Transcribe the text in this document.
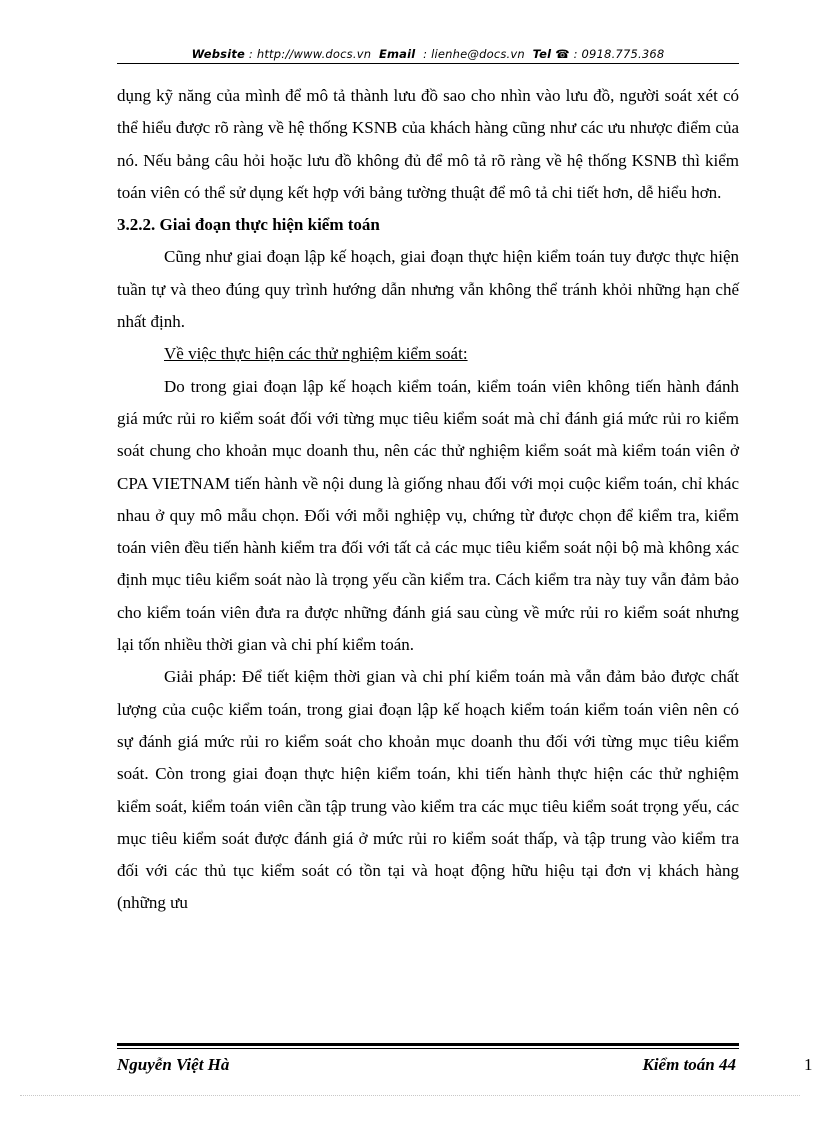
Website : http://www.docs.vn Email : lienhe@docs.vn Tel ☎ : 0918.775.368

dụng kỹ năng của mình để mô tả thành lưu đồ sao cho nhìn vào lưu đồ, người soát xét có thể hiểu được rõ ràng về hệ thống KSNB của khách hàng cũng như các ưu nhược điểm của nó. Nếu bảng câu hỏi hoặc lưu đồ không đủ để mô tả rõ ràng về hệ thống KSNB thì kiểm toán viên có thể sử dụng kết hợp với bảng tường thuật để mô tả chi tiết hơn, dễ hiểu hơn.

3.2.2. Giai đoạn thực hiện kiểm toán

Cũng như giai đoạn lập kế hoạch, giai đoạn thực hiện kiểm toán tuy được thực hiện tuần tự và theo đúng quy trình hướng dẫn nhưng vẫn không thể tránh khỏi những hạn chế nhất định.

Về việc thực hiện các thử nghiệm kiểm soát:

Do trong giai đoạn lập kế hoạch kiểm toán, kiểm toán viên không tiến hành đánh giá mức rủi ro kiểm soát đối với từng mục tiêu kiểm soát mà chỉ đánh giá mức rủi ro kiểm soát chung cho khoản mục doanh thu, nên các thử nghiệm kiểm soát mà kiểm toán viên ở CPA VIETNAM tiến hành về nội dung là giống nhau đối với mọi cuộc kiểm toán, chỉ khác nhau ở quy mô mẫu chọn. Đối với mỗi nghiệp vụ, chứng từ được chọn để kiểm tra, kiểm toán viên đều tiến hành kiểm tra đối với tất cả các mục tiêu kiểm soát nội bộ mà không xác định mục tiêu kiểm soát nào là trọng yếu cần kiểm tra. Cách kiểm tra này tuy vẫn đảm bảo cho kiểm toán viên đưa ra được những đánh giá sau cùng về mức rủi ro kiểm soát nhưng lại tốn nhiều thời gian và chi phí kiểm toán.

Giải pháp: Để tiết kiệm thời gian và chi phí kiểm toán mà vẫn đảm bảo được chất lượng của cuộc kiểm toán, trong giai đoạn lập kế hoạch kiểm toán kiểm toán viên nên có sự đánh giá mức rủi ro kiểm soát cho khoản mục doanh thu đối với từng mục tiêu kiểm soát. Còn trong giai đoạn thực hiện kiểm toán, khi tiến hành thực hiện các thử nghiệm kiểm soát, kiểm toán viên cần tập trung vào kiểm tra các mục tiêu kiểm soát trọng yếu, các mục tiêu kiểm soát được đánh giá ở mức rủi ro kiểm soát thấp, và tập trung vào kiểm tra đối với các thủ tục kiểm soát có tồn tại và hoạt động hữu hiệu tại đơn vị khách hàng (những ưu

Nguyễn Việt Hà	Kiểm toán 44	1
